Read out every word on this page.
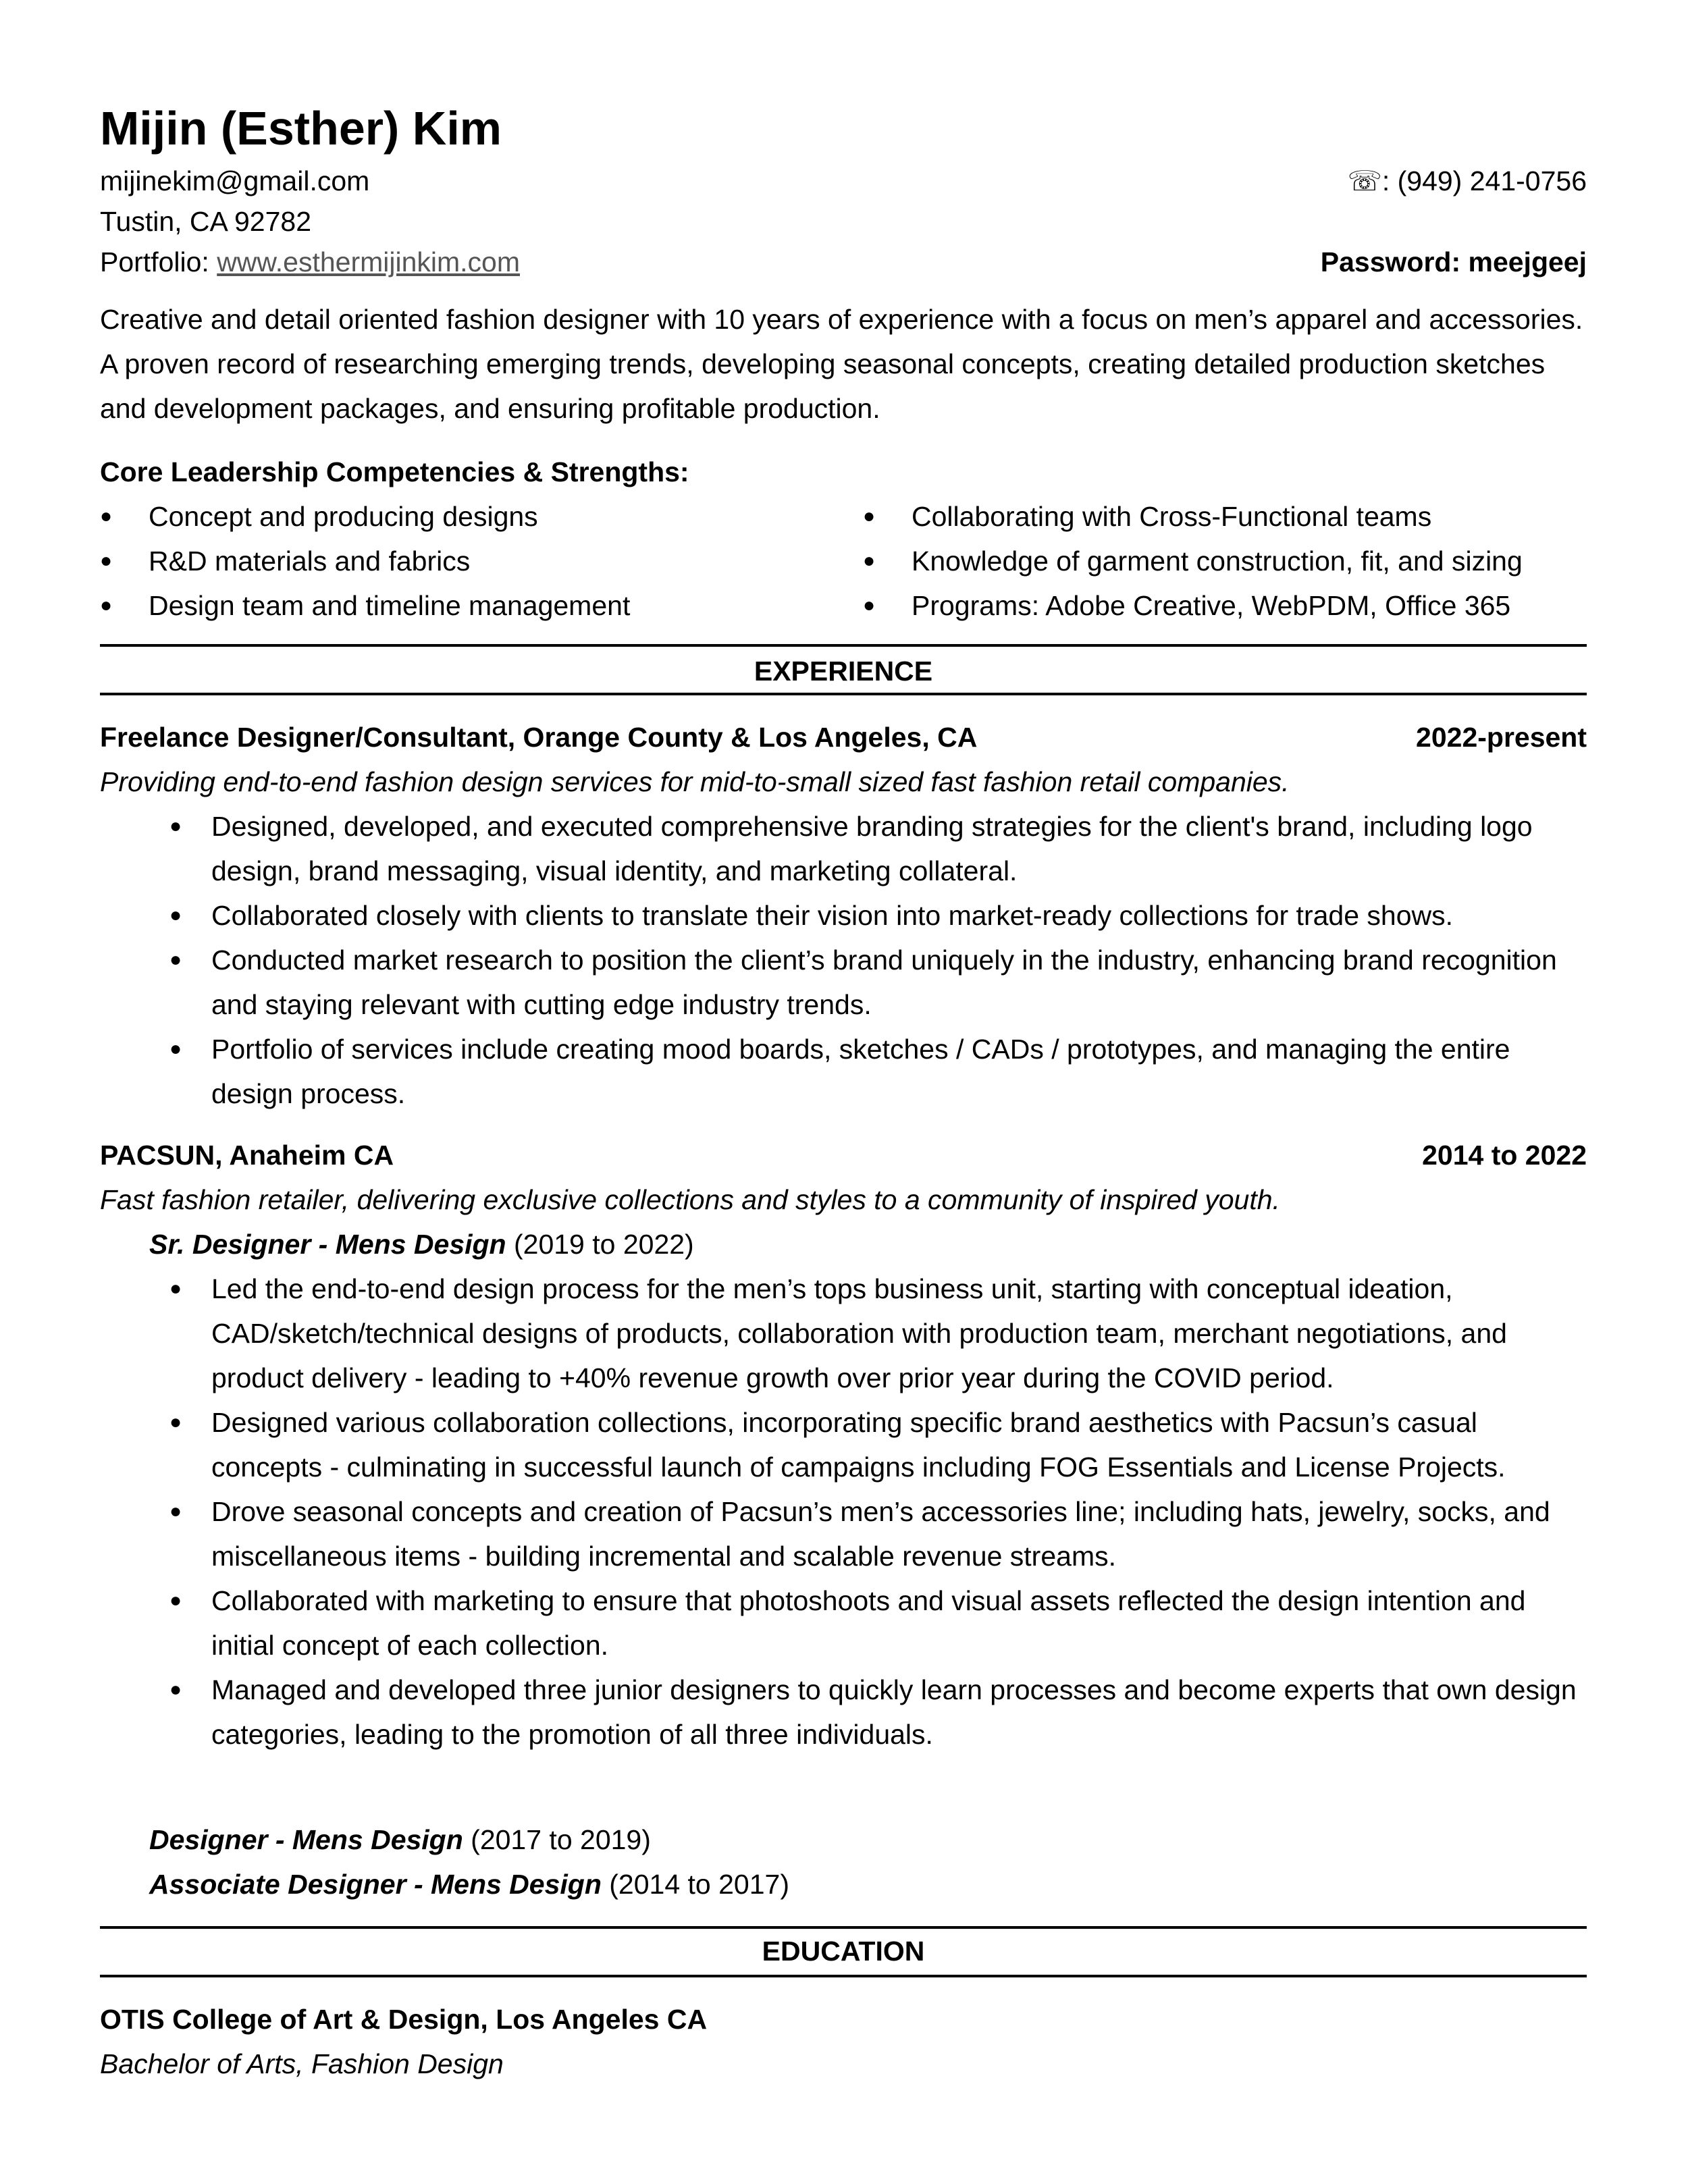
Mijin (Esther) Kim
mijinekim@gmail.com	☏: (949) 241-0756
Tustin, CA 92782
Portfolio: www.esthermijinkim.com	Password: meejgeej
Creative and detail oriented fashion designer with 10 years of experience with a focus on men’s apparel and accessories. A proven record of researching emerging trends, developing seasonal concepts, creating detailed production sketches and development packages, and ensuring profitable production.
Core Leadership Competencies & Strengths:
● Concept and producing designs	● Collaborating with Cross-Functional teams
● R&D materials and fabrics	● Knowledge of garment construction, fit, and sizing
● Design team and timeline management	● Programs: Adobe Creative, WebPDM, Office 365
EXPERIENCE
Freelance Designer/Consultant, Orange County & Los Angeles, CA	2022-present
Providing end-to-end fashion design services for mid-to-small sized fast fashion retail companies.
● Designed, developed, and executed comprehensive branding strategies for the client's brand, including logo design, brand messaging, visual identity, and marketing collateral.
● Collaborated closely with clients to translate their vision into market-ready collections for trade shows.
● Conducted market research to position the client’s brand uniquely in the industry, enhancing brand recognition and staying relevant with cutting edge industry trends.
● Portfolio of services include creating mood boards, sketches / CADs / prototypes, and managing the entire design process.
PACSUN, Anaheim CA	2014 to 2022
Fast fashion retailer, delivering exclusive collections and styles to a community of inspired youth.
Sr. Designer - Mens Design (2019 to 2022)
● Led the end-to-end design process for the men’s tops business unit, starting with conceptual ideation, CAD/sketch/technical designs of products, collaboration with production team, merchant negotiations, and product delivery - leading to +40% revenue growth over prior year during the COVID period.
● Designed various collaboration collections, incorporating specific brand aesthetics with Pacsun’s casual concepts - culminating in successful launch of campaigns including FOG Essentials and License Projects.
● Drove seasonal concepts and creation of Pacsun’s men’s accessories line; including hats, jewelry, socks, and miscellaneous items - building incremental and scalable revenue streams.
● Collaborated with marketing to ensure that photoshoots and visual assets reflected the design intention and initial concept of each collection.
● Managed and developed three junior designers to quickly learn processes and become experts that own design categories, leading to the promotion of all three individuals.
Designer - Mens Design (2017 to 2019)
Associate Designer - Mens Design (2014 to 2017)
EDUCATION
OTIS College of Art & Design, Los Angeles CA
Bachelor of Arts, Fashion Design
